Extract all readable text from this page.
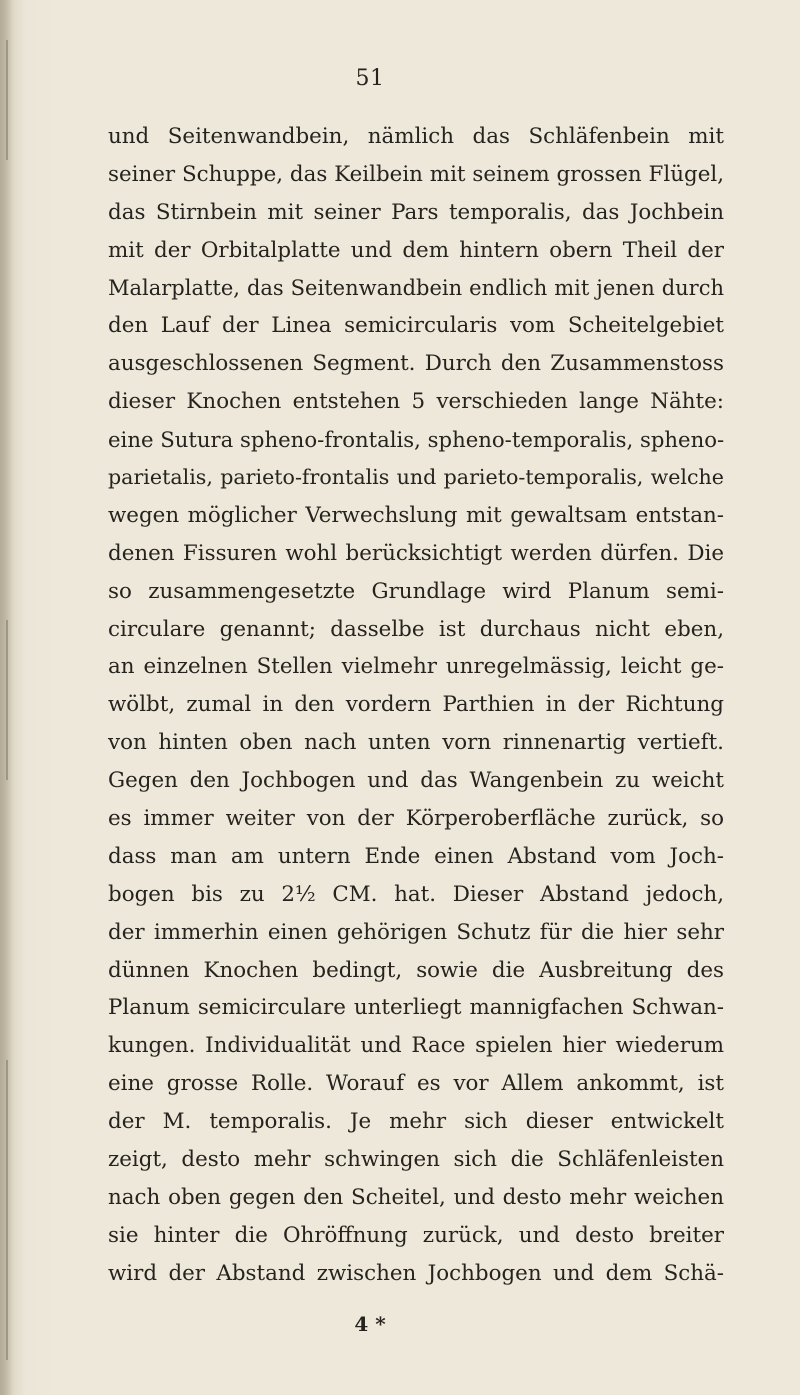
51
und Seitenwandbein, nämlich das Schläfenbein mit
seiner Schuppe, das Keilbein mit seinem grossen Flügel,
das Stirnbein mit seiner Pars temporalis, das Jochbein
mit der Orbitalplatte und dem hintern obern Theil der
Malarplatte, das Seitenwandbein endlich mit jenen durch
den Lauf der Linea semicircularis vom Scheitelgebiet
ausgeschlossenen Segment. Durch den Zusammenstoss
dieser Knochen entstehen 5 verschieden lange Nähte:
eine Sutura spheno-frontalis, spheno-temporalis, spheno-
parietalis, parieto-frontalis und parieto-temporalis, welche
wegen möglicher Verwechslung mit gewaltsam entstan-
denen Fissuren wohl berücksichtigt werden dürfen. Die
so zusammengesetzte Grundlage wird Planum semi-
circulare genannt; dasselbe ist durchaus nicht eben,
an einzelnen Stellen vielmehr unregelmässig, leicht ge-
wölbt, zumal in den vordern Parthien in der Richtung
von hinten oben nach unten vorn rinnenartig vertieft.
Gegen den Jochbogen und das Wangenbein zu weicht
es immer weiter von der Körperoberfläche zurück, so
dass man am untern Ende einen Abstand vom Joch-
bogen bis zu 2½ CM. hat. Dieser Abstand jedoch,
der immerhin einen gehörigen Schutz für die hier sehr
dünnen Knochen bedingt, sowie die Ausbreitung des
Planum semicirculare unterliegt mannigfachen Schwan-
kungen. Individualität und Race spielen hier wiederum
eine grosse Rolle. Worauf es vor Allem ankommt, ist
der M. temporalis. Je mehr sich dieser entwickelt
zeigt, desto mehr schwingen sich die Schläfenleisten
nach oben gegen den Scheitel, und desto mehr weichen
sie hinter die Ohröffnung zurück, und desto breiter
wird der Abstand zwischen Jochbogen und dem Schä-
4 *
